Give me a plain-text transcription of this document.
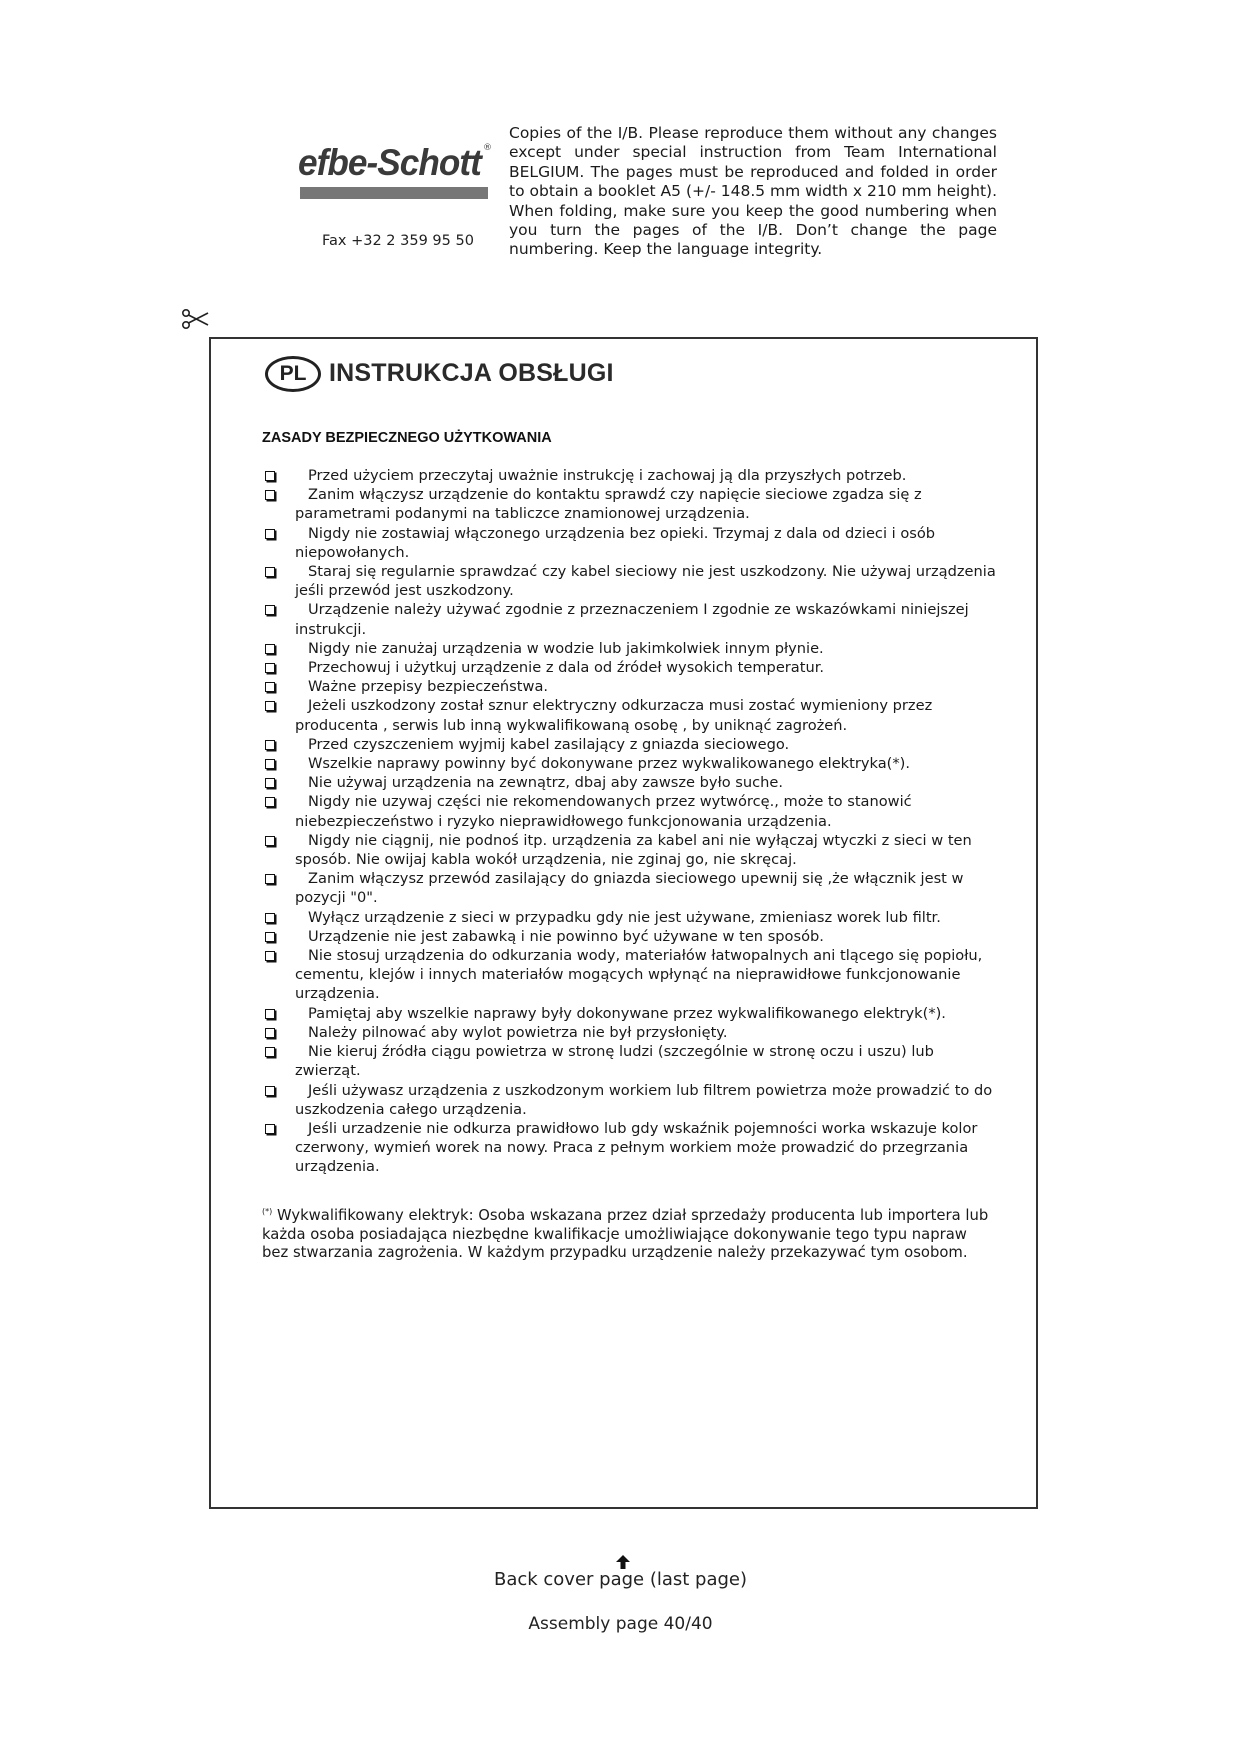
efbe-Schott ®
Fax +32 2 359 95 50

Copies of the I/B. Please reproduce them without any changes except under special instruction from Team International BELGIUM. The pages must be reproduced and folded in order to obtain a booklet A5 (+/- 148.5 mm width x 210 mm height). When folding, make sure you keep the good numbering when you turn the pages of the I/B. Don’t change the page numbering. Keep the language integrity.

PL INSTRUKCJA OBSŁUGI
ZASADY BEZPIECZNEGO UŻYTKOWANIA
Przed użyciem przeczytaj uważnie instrukcję i zachowaj ją dla przyszłych potrzeb.
Zanim włączysz urządzenie do kontaktu sprawdź czy napięcie sieciowe zgadza się z parametrami podanymi na tabliczce znamionowej urządzenia.
Nigdy nie zostawiaj włączonego urządzenia bez opieki. Trzymaj z dala od dzieci i osób niepowołanych.
Staraj się regularnie sprawdzać czy kabel sieciowy nie jest uszkodzony. Nie używaj urządzenia jeśli przewód jest uszkodzony.
Urządzenie należy używać zgodnie z przeznaczeniem I zgodnie ze wskazówkami niniejszej instrukcji.
Nigdy nie zanużaj urządzenia w wodzie lub jakimkolwiek innym płynie.
Przechowuj i użytkuj urządzenie z dala od źródeł wysokich temperatur.
Ważne przepisy bezpieczeństwa.
Jeżeli uszkodzony został sznur elektryczny odkurzacza musi zostać wymieniony przez producenta , serwis lub inną wykwalifikowaną osobę , by uniknąć zagrożeń.
Przed czyszczeniem wyjmij kabel zasilający z gniazda sieciowego.
Wszelkie naprawy powinny być dokonywane przez wykwalikowanego elektryka(*).
Nie używaj urządzenia na zewnątrz, dbaj aby zawsze było suche.
Nigdy nie uzywaj części nie rekomendowanych przez wytwórcę., może to stanowić niebezpieczeństwo i ryzyko nieprawidłowego funkcjonowania urządzenia.
Nigdy nie ciągnij, nie podnoś itp. urządzenia za kabel ani nie wyłączaj wtyczki z sieci w ten sposób. Nie owijaj kabla wokół urządzenia, nie zginaj go, nie skręcaj.
Zanim włączysz przewód zasilający do gniazda sieciowego upewnij się ,że włącznik jest w pozycji "0".
Wyłącz urządzenie z sieci w przypadku gdy nie jest używane, zmieniasz worek lub filtr.
Urządzenie nie jest zabawką i nie powinno być używane w ten sposób.
Nie stosuj urządzenia do odkurzania wody, materiałów łatwopalnych ani tlącego się popiołu, cementu, klejów i innych materiałów mogących wpłynąć na nieprawidłowe funkcjonowanie urządzenia.
Pamiętaj aby wszelkie naprawy były dokonywane przez wykwalifikowanego elektryk(*).
Należy pilnować aby wylot powietrza nie był przysłonięty.
Nie kieruj źródła ciągu powietrza w stronę ludzi (szczególnie w stronę oczu i uszu) lub zwierząt.
Jeśli używasz urządzenia z uszkodzonym workiem lub filtrem powietrza może prowadzić to do uszkodzenia całego urządzenia.
Jeśli urzadzenie nie odkurza prawidłowo lub gdy wskaźnik pojemności worka wskazuje kolor czerwony, wymień worek na nowy. Praca z pełnym workiem może prowadzić do przegrzania urządzenia.

(*) Wykwalifikowany elektryk: Osoba wskazana przez dział sprzedaży producenta lub importera lub każda osoba posiadająca niezbędne kwalifikacje umożliwiające dokonywanie tego typu napraw bez stwarzania zagrożenia. W każdym przypadku urządzenie należy przekazywać tym osobom.

Back cover page (last page)
Assembly page 40/40
